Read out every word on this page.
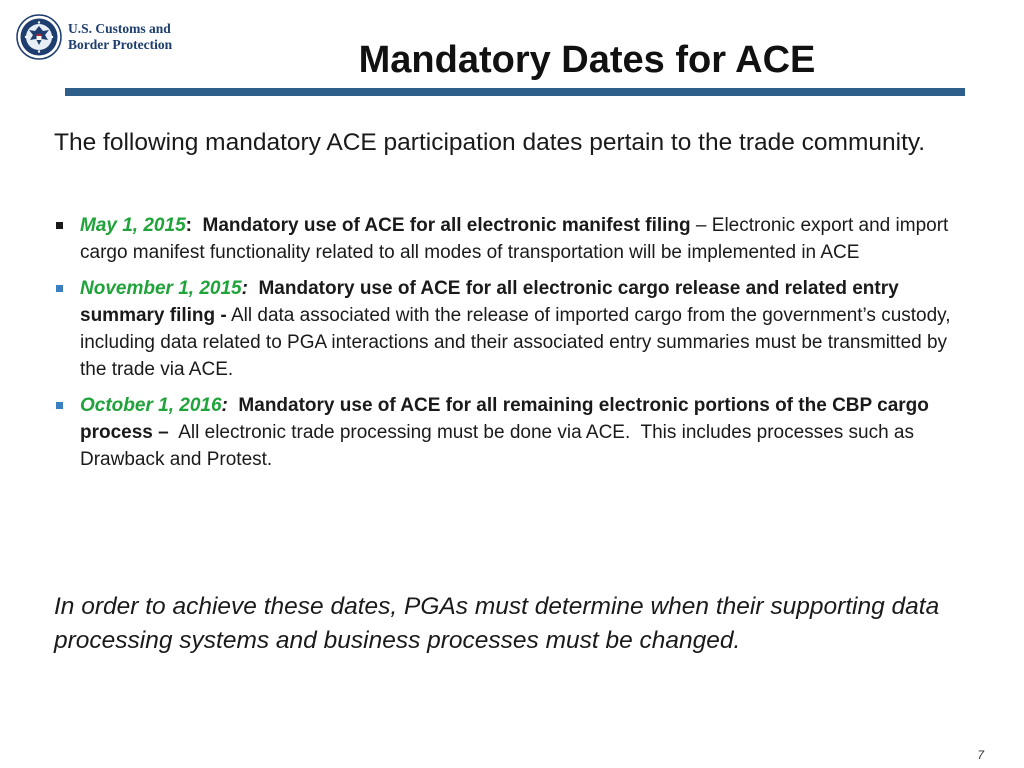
U.S. Customs and
Border Protection	Mandatory Dates for ACE

The following mandatory ACE participation dates pertain to the trade community.

May 1, 2015: Mandatory use of ACE for all electronic manifest filing – Electronic export and import cargo manifest functionality related to all modes of transportation will be implemented in ACE
November 1, 2015: Mandatory use of ACE for all electronic cargo release and related entry summary filing - All data associated with the release of imported cargo from the government’s custody, including data related to PGA interactions and their associated entry summaries must be transmitted by the trade via ACE.
October 1, 2016: Mandatory use of ACE for all remaining electronic portions of the CBP cargo process –  All electronic trade processing must be done via ACE.  This includes processes such as Drawback and Protest.

In order to achieve these dates, PGAs must determine when their supporting data processing systems and business processes must be changed.

7
